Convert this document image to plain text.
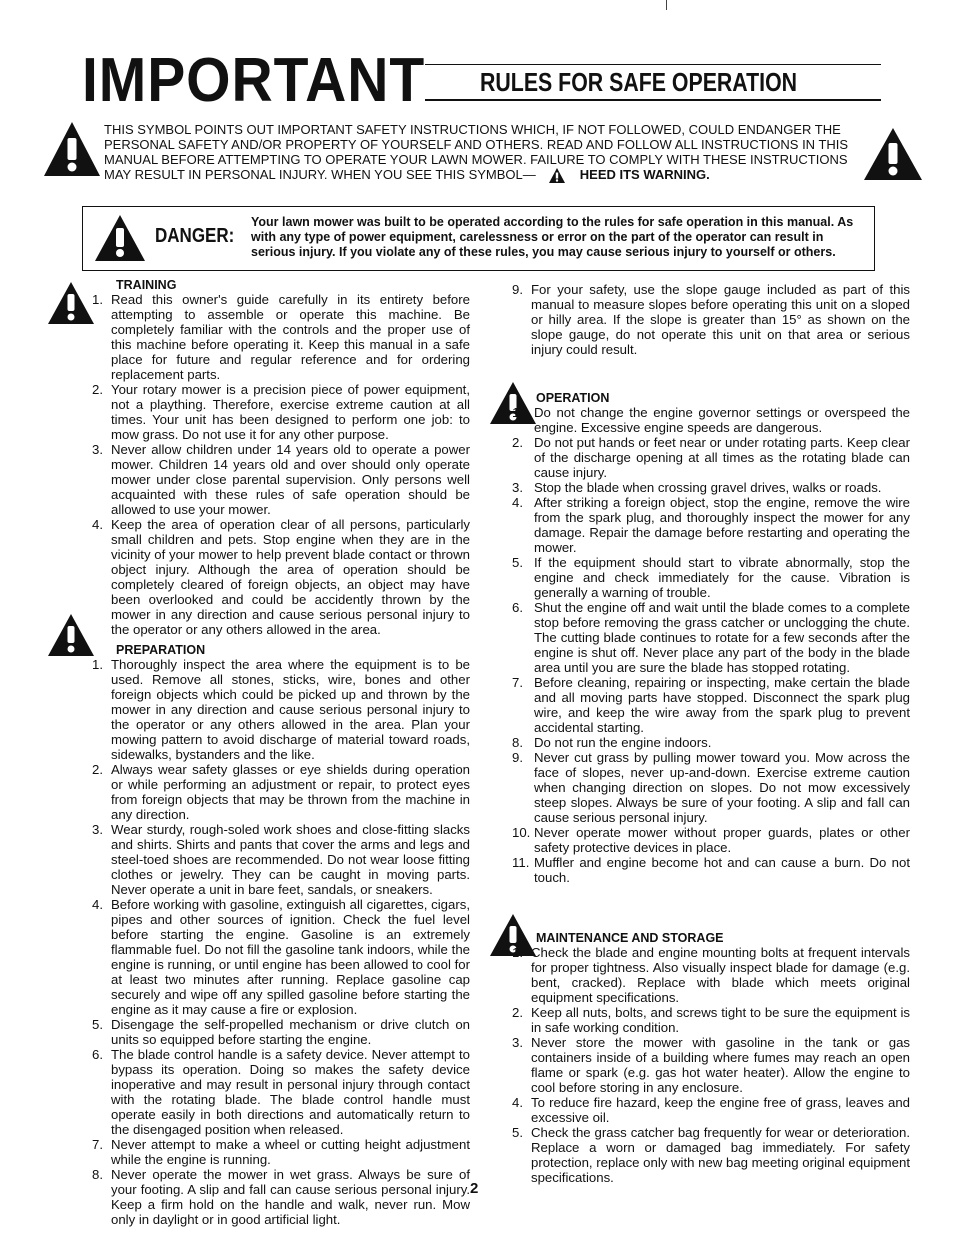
IMPORTANT RULES FOR SAFE OPERATION
THIS SYMBOL POINTS OUT IMPORTANT SAFETY INSTRUCTIONS WHICH, IF NOT FOLLOWED, COULD ENDANGER THE PERSONAL SAFETY AND/OR PROPERTY OF YOURSELF AND OTHERS. READ AND FOLLOW ALL INSTRUCTIONS IN THIS MANUAL BEFORE ATTEMPTING TO OPERATE YOUR LAWN MOWER. FAILURE TO COMPLY WITH THESE INSTRUCTIONS MAY RESULT IN PERSONAL INJURY. WHEN YOU SEE THIS SYMBOL—	HEED ITS WARNING.
DANGER:
Your lawn mower was built to be operated according to the rules for safe operation in this manual. As with any type of power equipment, carelessness or error on the part of the operator can result in serious injury. If you violate any of these rules, you may cause serious injury to yourself or others.
TRAINING
1. Read this owner's guide carefully in its entirety before attempting to assemble or operate this machine. Be completely familiar with the controls and the proper use of this machine before operating it. Keep this manual in a safe place for future and regular reference and for ordering replacement parts.
2. Your rotary mower is a precision piece of power equipment, not a plaything. Therefore, exercise extreme caution at all times. Your unit has been designed to perform one job: to mow grass. Do not use it for any other purpose.
3. Never allow children under 14 years old to operate a power mower. Children 14 years old and over should only operate mower under close parental supervision. Only persons well acquainted with these rules of safe operation should be allowed to use your mower.
4. Keep the area of operation clear of all persons, particularly small children and pets. Stop engine when they are in the vicinity of your mower to help prevent blade contact or thrown object injury. Although the area of operation should be completely cleared of foreign objects, an object may have been overlooked and could be accidently thrown by the mower in any direction and cause serious personal injury to the operator or any others allowed in the area.
PREPARATION
1. Thoroughly inspect the area where the equipment is to be used. Remove all stones, sticks, wire, bones and other foreign objects which could be picked up and thrown by the mower in any direction and cause serious personal injury to the operator or any others allowed in the area. Plan your mowing pattern to avoid discharge of material toward roads, sidewalks, bystanders and the like.
2. Always wear safety glasses or eye shields during operation or while performing an adjustment or repair, to protect eyes from foreign objects that may be thrown from the machine in any direction.
3. Wear sturdy, rough-soled work shoes and close-fitting slacks and shirts. Shirts and pants that cover the arms and legs and steel-toed shoes are recommended. Do not wear loose fitting clothes or jewelry. They can be caught in moving parts. Never operate a unit in bare feet, sandals, or sneakers.
4. Before working with gasoline, extinguish all cigarettes, cigars, pipes and other sources of ignition. Check the fuel level before starting the engine. Gasoline is an extremely flammable fuel. Do not fill the gasoline tank indoors, while the engine is running, or until engine has been allowed to cool for at least two minutes after running. Replace gasoline cap securely and wipe off any spilled gasoline before starting the engine as it may cause a fire or explosion.
5. Disengage the self-propelled mechanism or drive clutch on units so equipped before starting the engine.
6. The blade control handle is a safety device. Never attempt to bypass its operation. Doing so makes the safety device inoperative and may result in personal injury through contact with the rotating blade. The blade control handle must operate easily in both directions and automatically return to the disengaged position when released.
7. Never attempt to make a wheel or cutting height adjustment while the engine is running.
8. Never operate the mower in wet grass. Always be sure of your footing. A slip and fall can cause serious personal injury. Keep a firm hold on the handle and walk, never run. Mow only in daylight or in good artificial light.
9. For your safety, use the slope gauge included as part of this manual to measure slopes before operating this unit on a sloped or hilly area. If the slope is greater than 15° as shown on the slope gauge, do not operate this unit on that area or serious injury could result.
OPERATION
1. Do not change the engine governor settings or overspeed the engine. Excessive engine speeds are dangerous.
2. Do not put hands or feet near or under rotating parts. Keep clear of the discharge opening at all times as the rotating blade can cause injury.
3. Stop the blade when crossing gravel drives, walks or roads.
4. After striking a foreign object, stop the engine, remove the wire from the spark plug, and thoroughly inspect the mower for any damage. Repair the damage before restarting and operating the mower.
5. If the equipment should start to vibrate abnormally, stop the engine and check immediately for the cause. Vibration is generally a warning of trouble.
6. Shut the engine off and wait until the blade comes to a complete stop before removing the grass catcher or unclogging the chute. The cutting blade continues to rotate for a few seconds after the engine is shut off. Never place any part of the body in the blade area until you are sure the blade has stopped rotating.
7. Before cleaning, repairing or inspecting, make certain the blade and all moving parts have stopped. Disconnect the spark plug wire, and keep the wire away from the spark plug to prevent accidental starting.
8. Do not run the engine indoors.
9. Never cut grass by pulling mower toward you. Mow across the face of slopes, never up-and-down. Exercise extreme caution when changing direction on slopes. Do not mow excessively steep slopes. Always be sure of your footing. A slip and fall can cause serious personal injury.
10. Never operate mower without proper guards, plates or other safety protective devices in place.
11. Muffler and engine become hot and can cause a burn. Do not touch.
MAINTENANCE AND STORAGE
1. Check the blade and engine mounting bolts at frequent intervals for proper tightness. Also visually inspect blade for damage (e.g. bent, cracked). Replace with blade which meets original equipment specifications.
2. Keep all nuts, bolts, and screws tight to be sure the equipment is in safe working condition.
3. Never store the mower with gasoline in the tank or gas containers inside of a building where fumes may reach an open flame or spark (e.g. gas hot water heater). Allow the engine to cool before storing in any enclosure.
4. To reduce fire hazard, keep the engine free of grass, leaves and excessive oil.
5. Check the grass catcher bag frequently for wear or deterioration. Replace a worn or damaged bag immediately. For safety protection, replace only with new bag meeting original equipment specifications.
2
